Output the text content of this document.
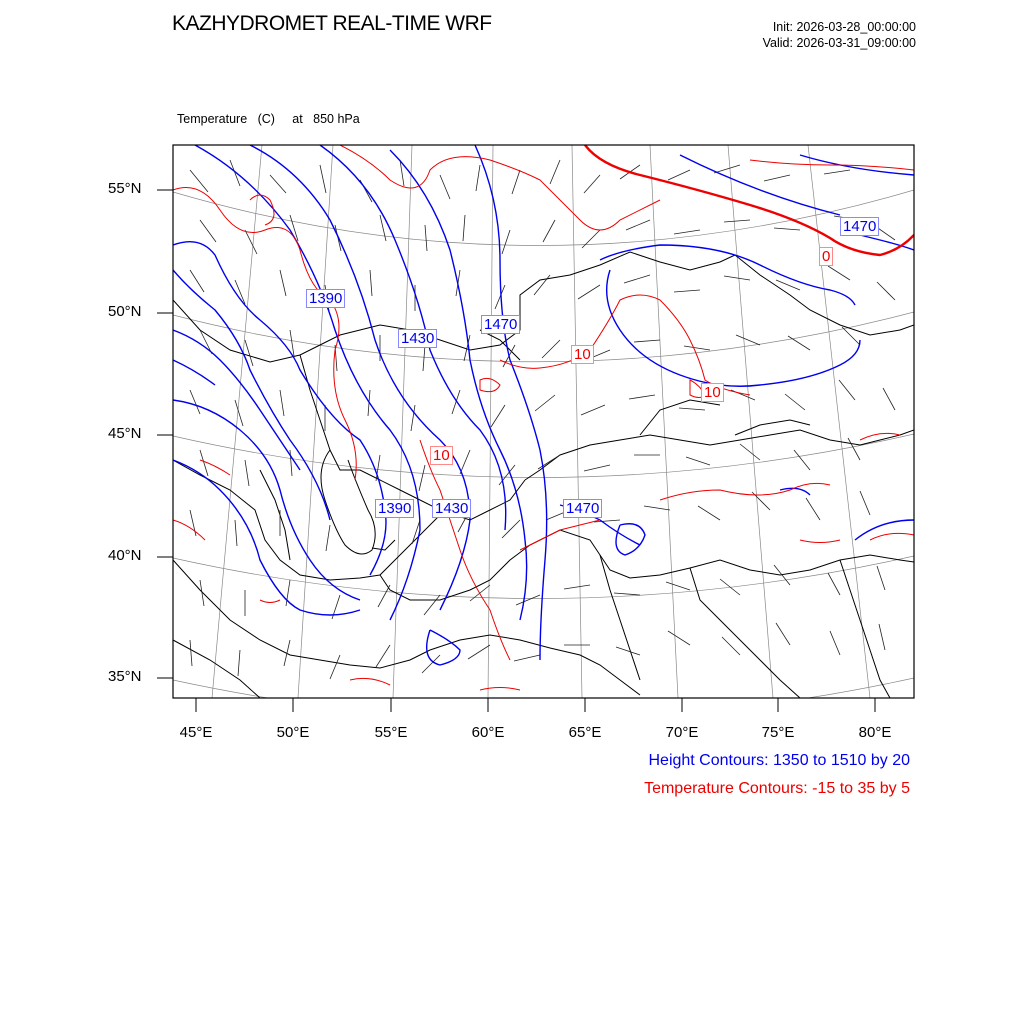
KAZHYDROMET REAL-TIME WRF	Init: 2026-03-28_00:00:00
Valid: 2026-03-31_09:00:00

Temperature   (C)     at   850 hPa

1390
1430
1470
1390 1430	1470
1470
10
10
10
0
55°N
50°N
45°N
40°N
35°N
45°E	50°E	55°E	60°E	65°E	70°E	75°E	80°E
Height Contours: 1350 to 1510 by 20
Temperature Contours: -15 to 35 by 5
